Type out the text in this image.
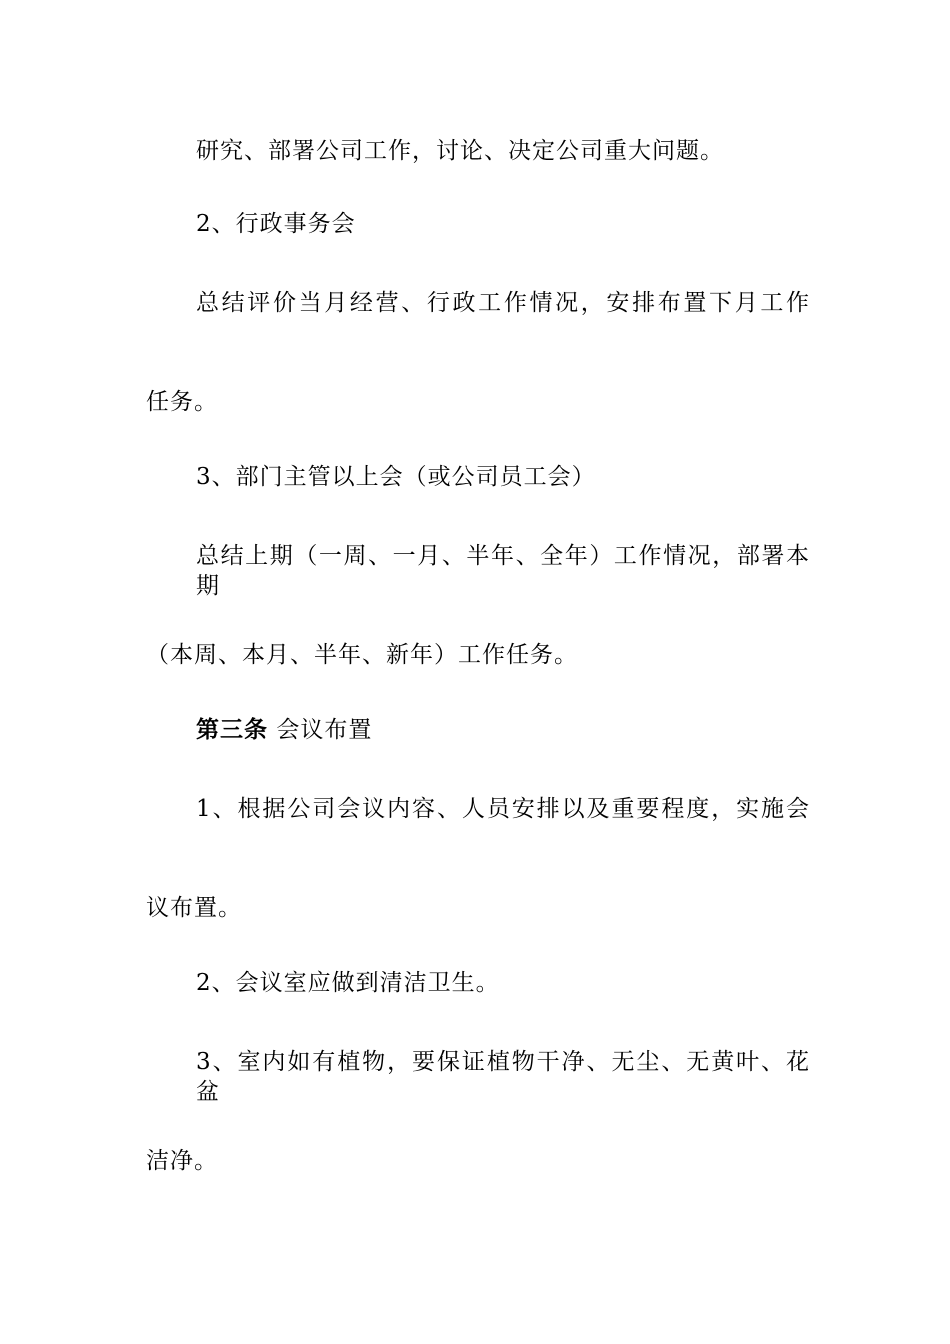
研究、部署公司工作，讨论、决定公司重大问题。
2、行政事务会
总结评价当月经营、行政工作情况，安排布置下月工作
任务。
3、部门主管以上会（或公司员工会）
总结上期（一周、一月、半年、全年）工作情况，部署本期
（本周、本月、半年、新年）工作任务。
第三条 会议布置
1、根据公司会议内容、人员安排以及重要程度，实施会
议布置。
2、会议室应做到清洁卫生。
3、室内如有植物，要保证植物干净、无尘、无黄叶、花盆
洁净。
